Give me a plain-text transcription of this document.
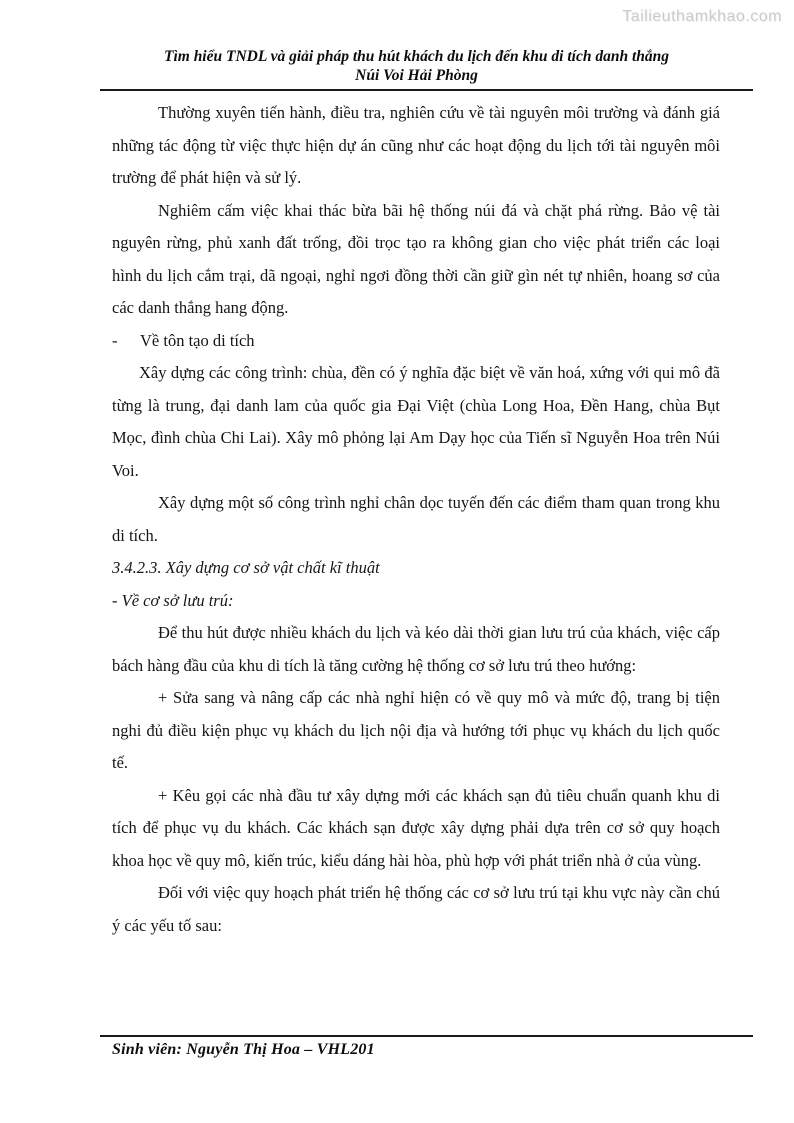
Tailieuthamkhao.com
Tìm hiểu TNDL và giải pháp thu hút khách du lịch đến khu di tích danh thắng
Núi Voi Hải Phòng

Thường xuyên tiến hành, điều tra, nghiên cứu về tài nguyên môi trường và đánh giá những tác động từ việc thực hiện dự án cũng như các hoạt động du lịch tới tài nguyên môi trường để phát hiện và sử lý.

Nghiêm cấm việc khai thác bừa bãi hệ thống núi đá và chặt phá rừng. Bảo vệ tài nguyên rừng, phủ xanh đất trống, đồi trọc tạo ra không gian cho việc phát triển các loại hình du lịch cắm trại, dã ngoại, nghỉ ngơi đồng thời cần giữ gìn nét tự nhiên, hoang sơ của các danh thắng hang động.

- Về tôn tạo di tích

Xây dựng các công trình: chùa, đền có ý nghĩa đặc biệt về văn hoá, xứng với qui mô đã từng là trung, đại danh lam của quốc gia Đại Việt (chùa Long Hoa, Đền Hang, chùa Bụt Mọc, đình chùa Chi Lai). Xây mô phỏng lại Am Dạy học của Tiến sĩ Nguyễn Hoa trên Núi Voi.

Xây dựng một số công trình nghỉ chân dọc tuyến đến các điểm tham quan trong khu di tích.

3.4.2.3. Xây dựng cơ sở vật chất kĩ thuật

- Về cơ sở lưu trú:

Để thu hút được nhiều khách du lịch và kéo dài thời gian lưu trú của khách, việc cấp bách hàng đầu của khu di tích là tăng cường hệ thống cơ sở lưu trú theo hướng:

+ Sửa sang và nâng cấp các nhà nghỉ hiện có về quy mô và mức độ, trang bị tiện nghi đủ điều kiện phục vụ khách du lịch nội địa và hướng tới phục vụ khách du lịch quốc tế.

+ Kêu gọi các nhà đầu tư xây dựng mới các khách sạn đủ tiêu chuẩn quanh khu di tích để phục vụ du khách. Các khách sạn được xây dựng phải dựa trên cơ sở quy hoạch khoa học về quy mô, kiến trúc, kiểu dáng hài hòa, phù hợp với phát triển nhà ở của vùng.

Đối với việc quy hoạch phát triển hệ thống các cơ sở lưu trú tại khu vực này cần chú ý các yếu tố sau:

Sinh viên: Nguyễn Thị Hoa – VHL201
